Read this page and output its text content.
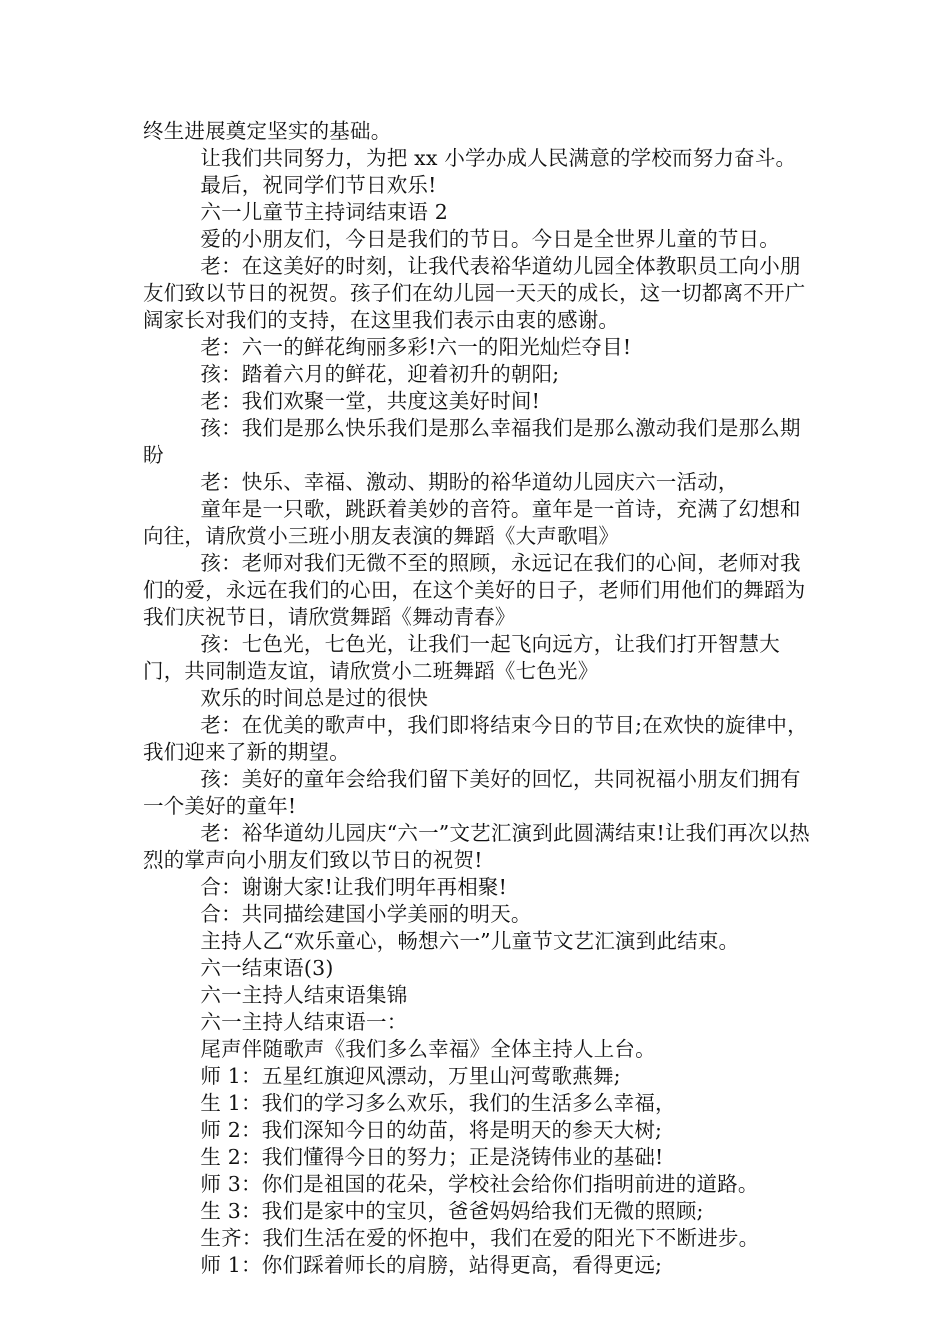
终生进展奠定坚实的基础。

让我们共同努力，为把 xx 小学办成人民满意的学校而努力奋斗。

最后，祝同学们节日欢乐!

六一儿童节主持词结束语 2

爱的小朋友们，今日是我们的节日。今日是全世界儿童的节日。

老：在这美好的时刻，让我代表裕华道幼儿园全体教职员工向小朋友们致以节日的祝贺。孩子们在幼儿园一天天的成长，这一切都离不开广阔家长对我们的支持，在这里我们表示由衷的感谢。

老：六一的鲜花绚丽多彩!六一的阳光灿烂夺目!

孩：踏着六月的鲜花，迎着初升的朝阳;

老：我们欢聚一堂，共度这美好时间!

孩：我们是那么快乐我们是那么幸福我们是那么激动我们是那么期盼

老：快乐、幸福、激动、期盼的裕华道幼儿园庆六一活动，

童年是一只歌，跳跃着美妙的音符。童年是一首诗，充满了幻想和向往，请欣赏小三班小朋友表演的舞蹈《大声歌唱》

孩：老师对我们无微不至的照顾，永远记在我们的心间，老师对我们的爱，永远在我们的心田，在这个美好的日子，老师们用他们的舞蹈为我们庆祝节日，请欣赏舞蹈《舞动青春》

孩：七色光，七色光，让我们一起飞向远方，让我们打开智慧大门，共同制造友谊，请欣赏小二班舞蹈《七色光》

欢乐的时间总是过的很快

老：在优美的歌声中，我们即将结束今日的节目;在欢快的旋律中，我们迎来了新的期望。

孩：美好的童年会给我们留下美好的回忆，共同祝福小朋友们拥有一个美好的童年!

老：裕华道幼儿园庆“六一”文艺汇演到此圆满结束!让我们再次以热烈的掌声向小朋友们致以节日的祝贺!

合：谢谢大家!让我们明年再相聚!

合：共同描绘建国小学美丽的明天。

主持人乙“欢乐童心，畅想六一”儿童节文艺汇演到此结束。

六一结束语(3)

六一主持人结束语集锦

六一主持人结束语一：

尾声伴随歌声《我们多么幸福》全体主持人上台。

师 1：五星红旗迎风漂动，万里山河莺歌燕舞;

生 1：我们的学习多么欢乐，我们的生活多么幸福，

师 2：我们深知今日的幼苗，将是明天的参天大树;

生 2：我们懂得今日的努力；正是浇铸伟业的基础!

师 3：你们是祖国的花朵，学校社会给你们指明前进的道路。

生 3：我们是家中的宝贝，爸爸妈妈给我们无微的照顾;

生齐：我们生活在爱的怀抱中，我们在爱的阳光下不断进步。

师 1：你们踩着师长的肩膀，站得更高，看得更远;
